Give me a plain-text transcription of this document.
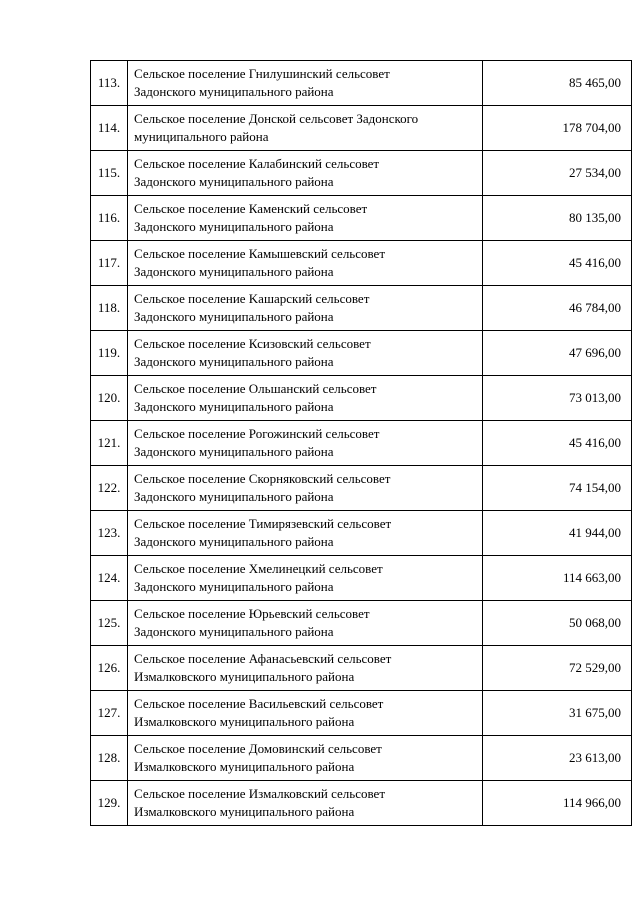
113.	Сельское поселение Гнилушинский сельсовет
Задонского муниципального района	85 465,00
114.	Сельское поселение Донской сельсовет Задонского
муниципального района	178 704,00
115.	Сельское поселение Калабинский сельсовет
Задонского муниципального района	27 534,00
116.	Сельское поселение Каменский сельсовет
Задонского муниципального района	80 135,00
117.	Сельское поселение Камышевский сельсовет
Задонского муниципального района	45 416,00
118.	Сельское поселение Kашарский сельсовет
Задонского муниципального района	46 784,00
119.	Сельское поселение Ксизовский сельсовет
Задонского муниципального района	47 696,00
120.	Сельское поселение Ольшанский сельсовет
Задонского муниципального района	73 013,00
121.	Сельское поселение Рогожинский сельсовет
Задонского муниципального района	45 416,00
122.	Сельское поселение Скорняковский сельсовет
Задонского муниципального района	74 154,00
123.	Сельское поселение Тимирязевский сельсовет
Задонского муниципального района	41 944,00
124.	Сельское поселение Хмелинецкий сельсовет
Задонского муниципального района	114 663,00
125.	Сельское поселение Юрьевский сельсовет
Задонского муниципального района	50 068,00
126.	Сельское поселение Афанасьевский сельсовет
Измалковского муниципального района	72 529,00
127.	Сельское поселение Васильевский сельсовет
Измалковского муниципального района	31 675,00
128.	Сельское поселение Домовинский сельсовет
Измалковского муниципального района	23 613,00
129.	Сельское поселение Измалковский сельсовет
Измалковского муниципального района	114 966,00
